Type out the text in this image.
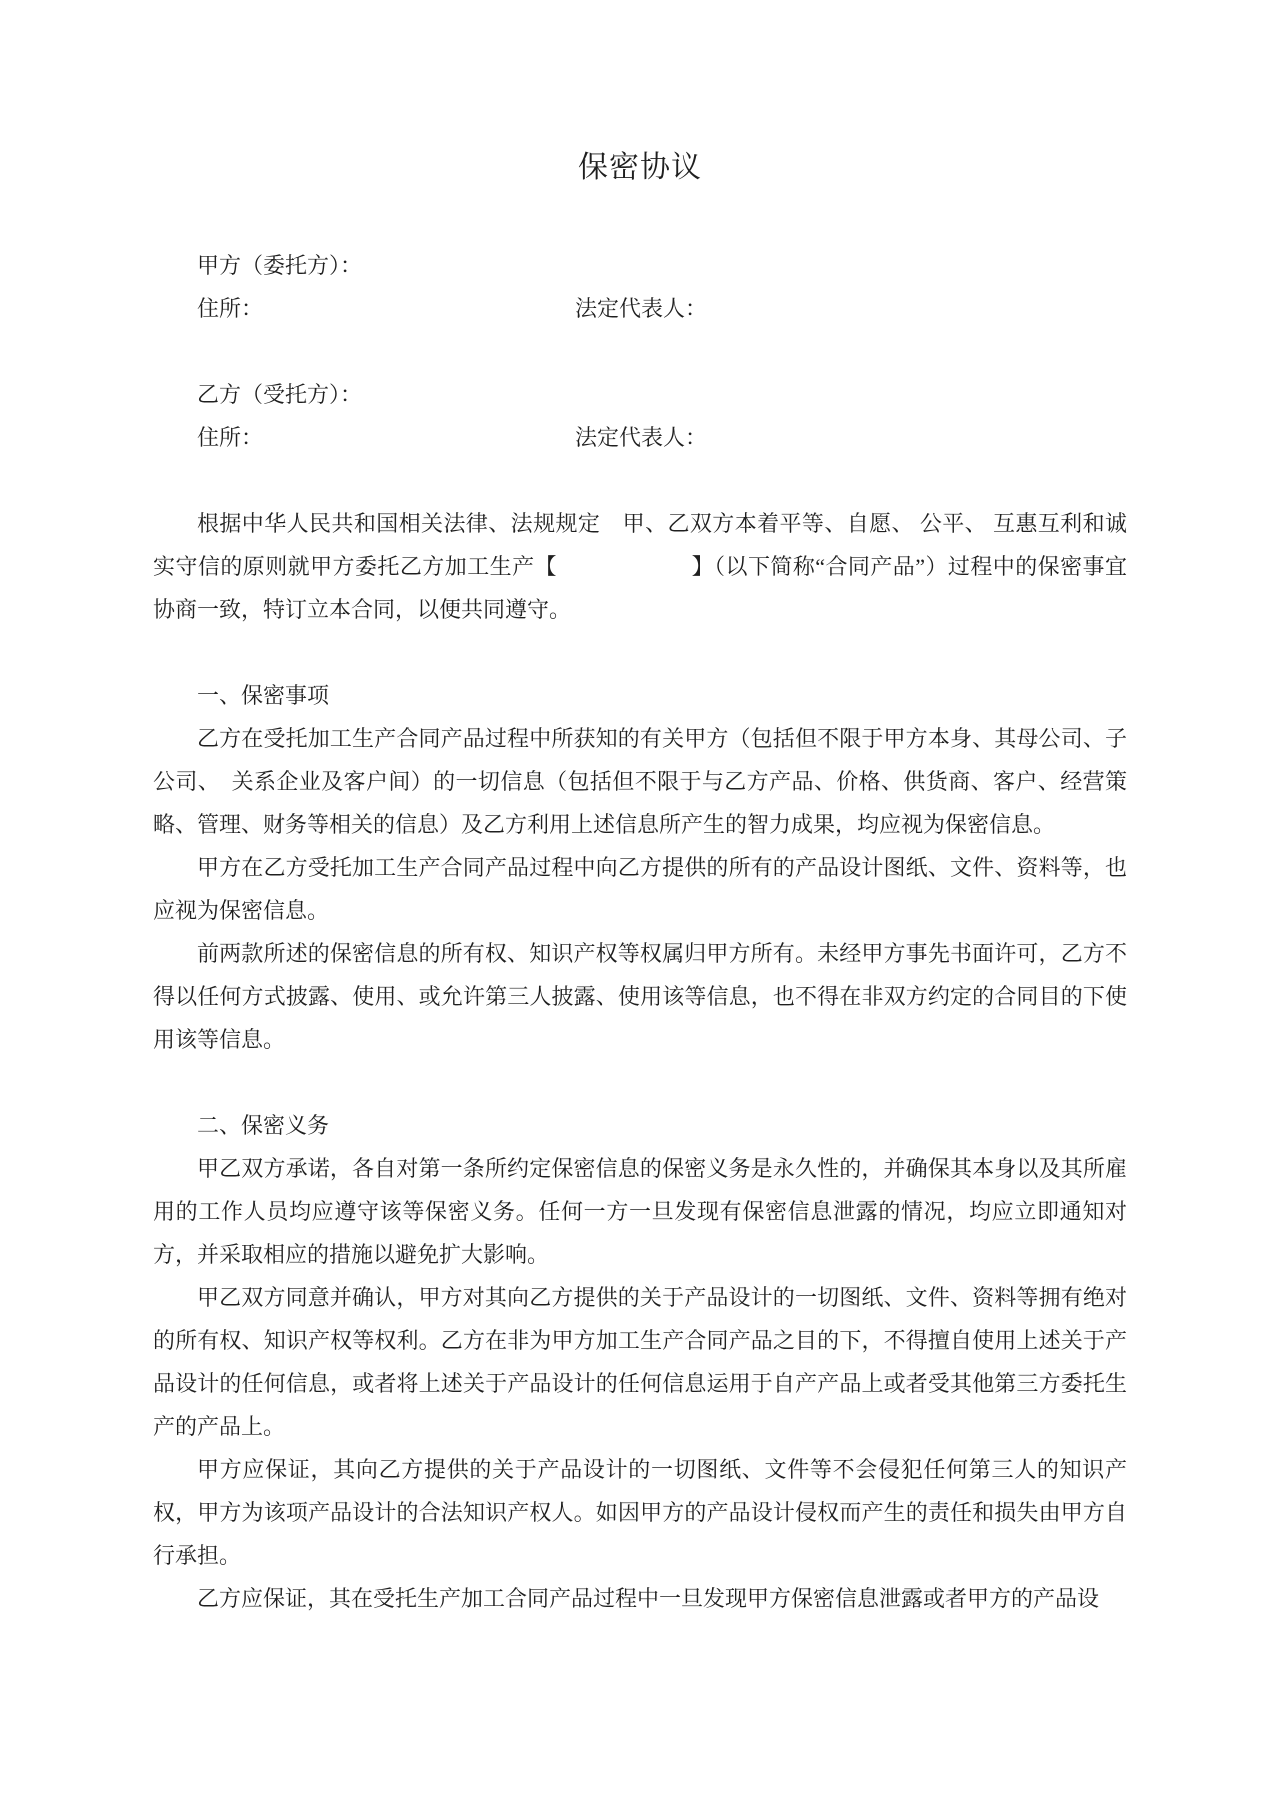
保密协议

甲方（委托方）：

住所：	法定代表人：

乙方（受托方）：

住所：	法定代表人：

根据中华人民共和国相关法律、法规规定　甲、乙双方本着平等、自愿、 公平、 互惠互利和诚实守信的原则就甲方委托乙方加工生产【　　　　　　】（以下简称“合同产品”）过程中的保密事宜协商一致，特订立本合同，以便共同遵守。

一、保密事项

乙方在受托加工生产合同产品过程中所获知的有关甲方（包括但不限于甲方本身、其母公司、子公司、　关系企业及客户间）的一切信息（包括但不限于与乙方产品、价格、供货商、客户、经营策略、管理、财务等相关的信息）及乙方利用上述信息所产生的智力成果，均应视为保密信息。

甲方在乙方受托加工生产合同产品过程中向乙方提供的所有的产品设计图纸、文件、资料等，也应视为保密信息。

前两款所述的保密信息的所有权、知识产权等权属归甲方所有。未经甲方事先书面许可，乙方不得以任何方式披露、使用、或允许第三人披露、使用该等信息，也不得在非双方约定的合同目的下使用该等信息。

二、保密义务

甲乙双方承诺，各自对第一条所约定保密信息的保密义务是永久性的，并确保其本身以及其所雇用的工作人员均应遵守该等保密义务。任何一方一旦发现有保密信息泄露的情况，均应立即通知对方，并采取相应的措施以避免扩大影响。

甲乙双方同意并确认，甲方对其向乙方提供的关于产品设计的一切图纸、文件、资料等拥有绝对的所有权、知识产权等权利。乙方在非为甲方加工生产合同产品之目的下，不得擅自使用上述关于产品设计的任何信息，或者将上述关于产品设计的任何信息运用于自产产品上或者受其他第三方委托生产的产品上。

甲方应保证，其向乙方提供的关于产品设计的一切图纸、文件等不会侵犯任何第三人的知识产权，甲方为该项产品设计的合法知识产权人。如因甲方的产品设计侵权而产生的责任和损失由甲方自行承担。

乙方应保证，其在受托生产加工合同产品过程中一旦发现甲方保密信息泄露或者甲方的产品设
